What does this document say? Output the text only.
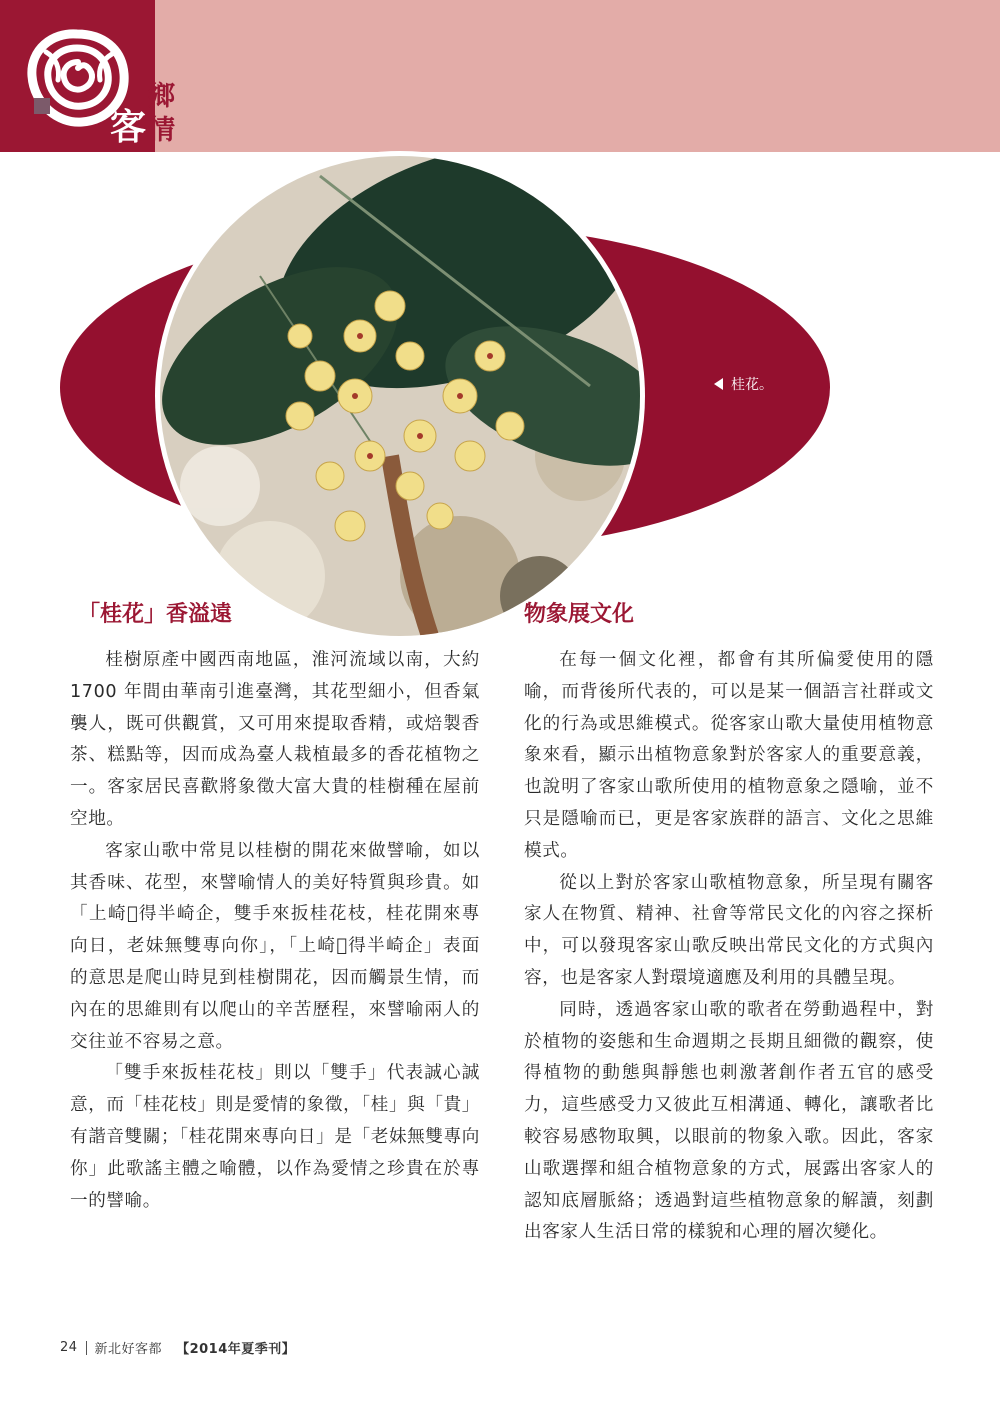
客
鄉情
桂花。
「桂花」香溢遠	物象展文化

桂樹原產中國西南地區，淮河流域以南，大約 1700 年間由華南引進臺灣，其花型細小，但香氣襲人，既可供觀賞，又可用來提取香精，或焙製香茶、糕點等，因而成為臺人栽植最多的香花植物之一。客家居民喜歡將象徵大富大貴的桂樹種在屋前空地。

客家山歌中常見以桂樹的開花來做譬喻，如以其香味、花型，來譬喻情人的美好特質與珍貴。如「上崎𡀢得半崎企，雙手來扳桂花枝，桂花開來專向日，老妹無雙專向你」，「上崎𡀢得半崎企」表面的意思是爬山時見到桂樹開花，因而觸景生情，而內在的思維則有以爬山的辛苦歷程，來譬喻兩人的交往並不容易之意。

「雙手來扳桂花枝」則以「雙手」代表誠心誠意，而「桂花枝」則是愛情的象徵，「桂」與「貴」有諧音雙關；「桂花開來專向日」是「老妹無雙專向你」此歌謠主體之喻體，以作為愛情之珍貴在於專一的譬喻。

在每一個文化裡，都會有其所偏愛使用的隱喻，而背後所代表的，可以是某一個語言社群或文化的行為或思維模式。從客家山歌大量使用植物意象來看，顯示出植物意象對於客家人的重要意義，也說明了客家山歌所使用的植物意象之隱喻，並不只是隱喻而已，更是客家族群的語言、文化之思維模式。

從以上對於客家山歌植物意象，所呈現有關客家人在物質、精神、社會等常民文化的內容之探析中，可以發現客家山歌反映出常民文化的方式與內容，也是客家人對環境適應及利用的具體呈現。

同時，透過客家山歌的歌者在勞動過程中，對於植物的姿態和生命週期之長期且細微的觀察，使得植物的動態與靜態也刺激著創作者五官的感受力，這些感受力又彼此互相溝通、轉化，讓歌者比較容易感物取興，以眼前的物象入歌。因此，客家山歌選擇和組合植物意象的方式，展露出客家人的認知底層脈絡；透過對這些植物意象的解讀，刻劃出客家人生活日常的樣貌和心理的層次變化。

24 新北好客都 【2014年夏季刊】
